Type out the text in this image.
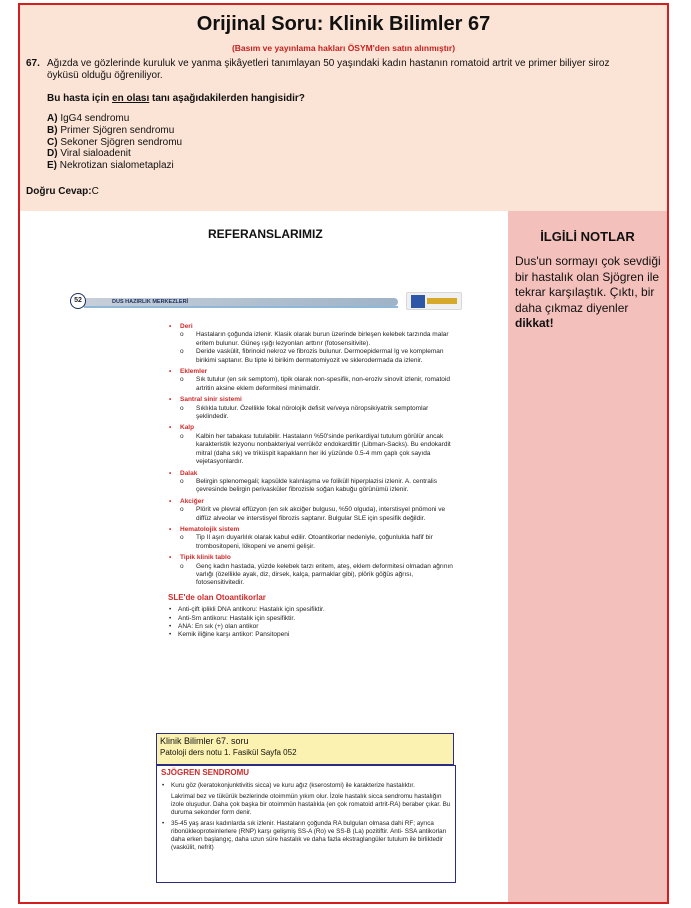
Orijinal Soru: Klinik Bilimler 67
(Basım ve yayınlama hakları ÖSYM'den satın alınmıştır)
67. Ağızda ve gözlerinde kuruluk ve yanma şikâyetleri tanımlayan 50 yaşındaki kadın hastanın romatoid artrit ve primer biliyer siroz öyküsü olduğu öğreniliyor.
Bu hasta için en olası tanı aşağıdakilerden hangisidir?
A) IgG4 sendromu
B) Primer Sjögren sendromu
C) Sekoner Sjögren sendromu
D) Viral sialoadenit
E) Nekrotizan sialometaplazi
Doğru Cevap:C
REFERANSLARIMIZ	İLGİLİ NOTLAR
Dus'un sormayı çok sevdiği bir hastalık olan Sjögren ile tekrar karşılaştık. Çıktı, bir daha çıkmaz diyenler dikkat!
52	DUS HAZIRLIK MERKEZLERİ
• Deri
o Hastaların çoğunda izlenir. Klasik olarak burun üzerinde birleşen kelebek tarzında malar eritem bulunur. Güneş ışığı lezyonları arttırır (fotosensitivite).
o Deride vaskülit, fibrinoid nekroz ve fibrozis bulunur. Dermoepidermal Ig ve kompleman birikimi saptanır. Bu tipte ki birikim dermatomiyozit ve sklerodermada da izlenir.
• Eklemler
o Sık tutulur (en sık semptom), tipik olarak non-spesifik, non-eroziv sinovit izlenir, romatoid artritin aksine eklem deformitesi minimaldir.
• Santral sinir sistemi
o Sıklıkla tutulur. Özellikle fokal nörolojik defisit ve/veya nöropsikiyatrik semptomlar şeklindedir.
• Kalp
o Kalbin her tabakası tutulabilir. Hastaların %50'sinde perikardiyal tutulum görülür ancak karakteristik lezyonu nonbakteriyal verrüköz endokardittir (Libman-Sacks). Bu endokardit mitral (daha sık) ve triküspit kapakların her iki yüzünde 0.5-4 mm çaplı çok sayıda vejetasyonlardır.
• Dalak
o Belirgin splenomegali; kapsülde kalınlaşma ve foliküll hiperplazisi izlenir. A. centralis çevresinde belirgin perivasküler fibrozisle soğan kabuğu görünümü izlenir.
• Akciğer
o Plörit ve plevral effüzyon (en sık akciğer bulgusu, %50 olguda), interstisyel pnömoni ve diffüz alveolar ve interstisyel fibrozis saptanır. Bulgular SLE için spesifik değildir.
• Hematolojik sistem
o Tip II aşırı duyarlılık olarak kabul edilir. Otoantikorlar nedeniyle, çoğunlukla hafif bir trombositopeni, lökopeni ve anemi gelişir.
• Tipik klinik tablo
o Genç kadın hastada, yüzde kelebek tarzı eritem, ateş, eklem deformitesi olmadan ağrının varlığı (özellikle ayak, diz, dirsek, kalça, parmaklar gibi), plörik göğüs ağrısı, fotosensitivitedir.
SLE'de olan Otoantikorlar
• Anti-çift iplikli DNA antikoru: Hastalık için spesifiktir.
• Anti-Sm antikoru: Hastalık için spesifiktir.
• ANA: En sık (+) olan antikor
• Kemik iliğine karşı antikor: Pansitopeni
Klinik Bilimler 67. soru
Patoloji ders notu 1. Fasikül Sayfa 052
SJÖGREN SENDROMU
• Kuru göz (keratokonjunktivitis sicca) ve kuru ağız (kserostomi) ile karakterize hastalıktır.
Lakrimal bez ve tükürük bezlerinde otoimmün yıkım olur. İzole hastalık sicca sendromu hastalığın izole oluşudur. Daha çok başka bir otoimmün hastalıkla (en çok romatoid artrit-RA) beraber çıkar. Bu duruma sekonder form denir.
• 35-45 yaş arası kadınlarda sık izlenir. Hastaların çoğunda RA bulguları olmasa dahi RF; ayrıca ribonükleoproteinlerlere (RNP) karşı gelişmiş SS-A (Ro) ve SS-B (La) pozitiftir. Anti- SSA antikorları daha erken başlangıç, daha uzun süre hastalık ve daha fazla ekstraglangüler tutulum ile birliktedir (vaskülit, nefrit)
